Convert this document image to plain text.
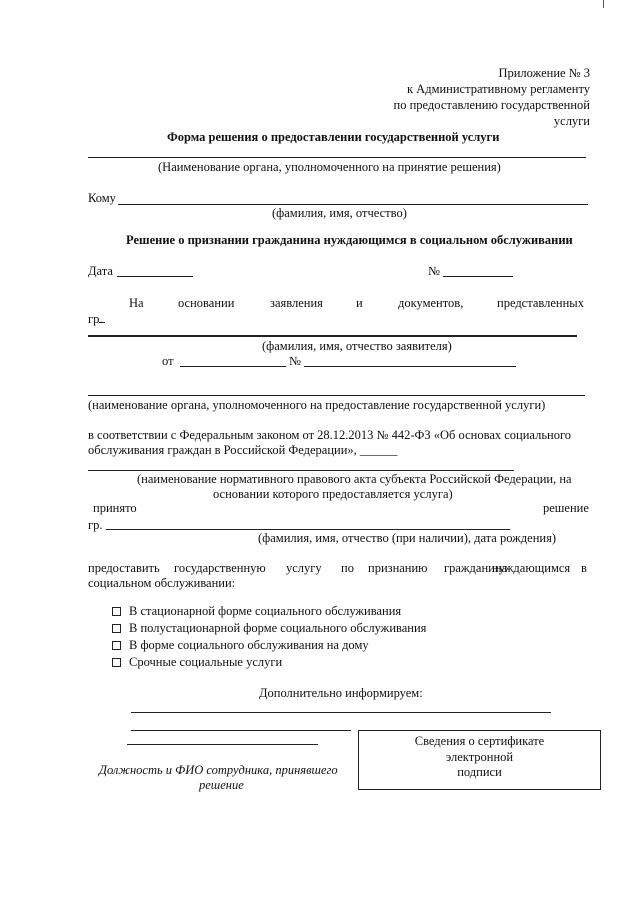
Приложение № 3
к Административному регламенту
по предоставлению государственной
услуги
Форма решения о предоставлении государственной услуги
(Наименование органа, уполномоченного на принятие решения)
Кому
(фамилия, имя, отчество)
Решение о признании гражданина нуждающимся в социальном обслуживании
Дата	№
На	основании	заявления	и	документов,	представленных
гр.
(фамилия, имя, отчество заявителя)
от	№
(наименование органа, уполномоченного на предоставление государственной услуги)
в соответствии с Федеральным законом от 28.12.2013 № 442-ФЗ «Об основах социального
обслуживания граждан в Российской Федерации», ______
(наименование нормативного правового акта субъекта Российской Федерации, на
основании которого предоставляется услуга)
принято	решение
гр.
(фамилия, имя, отчество (при наличии), дата рождения)
предоставить государственную услугу по признанию гражданина
нуждающимся в
социальном обслуживании:
В стационарной форме социального обслуживания
В полустационарной форме социального обслуживания
В форме социального обслуживания на дому
Срочные социальные услуги
Дополнительно информируем:
Должность и ФИО сотрудника, принявшего
решение
Сведения о сертификате
электронной
подписи
